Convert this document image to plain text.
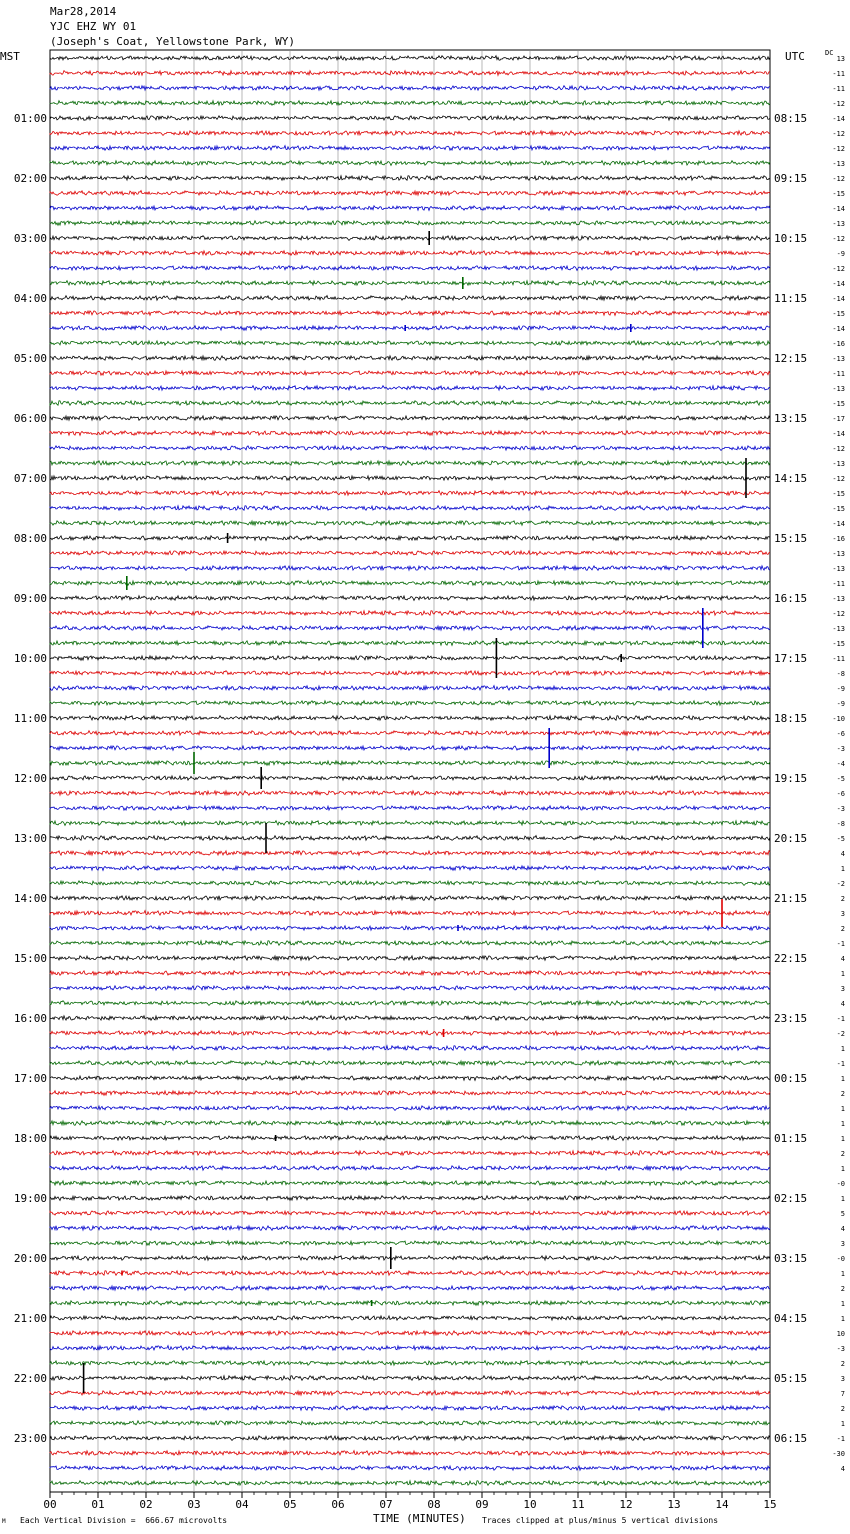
Mar28,2014
YJC EHZ WY 01
(Joseph's Coat, Yellowstone Park, WY)
MST	UTC	DC
01:00
02:00
03:00
04:00
05:00
06:00
07:00
08:00
09:00
10:00
11:00
12:00
13:00
14:00
15:00
16:00
17:00
18:00
19:00
20:00
21:00
22:00
23:00
08:15
09:15
10:15
11:15
12:15
13:15
14:15
15:15
16:15
17:15
18:15
19:15
20:15
21:15
22:15
23:15
00:15
01:15
02:15
03:15
04:15
05:15
06:15
13
-11
-11
-12
-14
-12
-12
-13
-12
-15
-14
-13
-12
-9
-12
-14
-14
-15
-14
-16
-13
-11
-13
-15
-17
-14
-12
-13
-12
-15
-15
-14
-16
-13
-13
-11
-13
-12
-13
-15
-11
-8
-9
-9
-10
-6
-3
-4
-5
-6
-3
-8
-5
4
1
-2
2
3
2
-1
4
1
3
4
-1
-2
1
-1
1
2
1
1
1
2
1
-0
1
5
4
3
-0
1
2
1
1
10
-3
2
3
7
2
1
-1
-30
4
00	01	02	03	04	05	06	07	08	09	10	11	12	13	14	15
M Each Vertical Division =  666.67 microvolts	TIME (MINUTES) Traces clipped at plus/minus 5 vertical divisions
